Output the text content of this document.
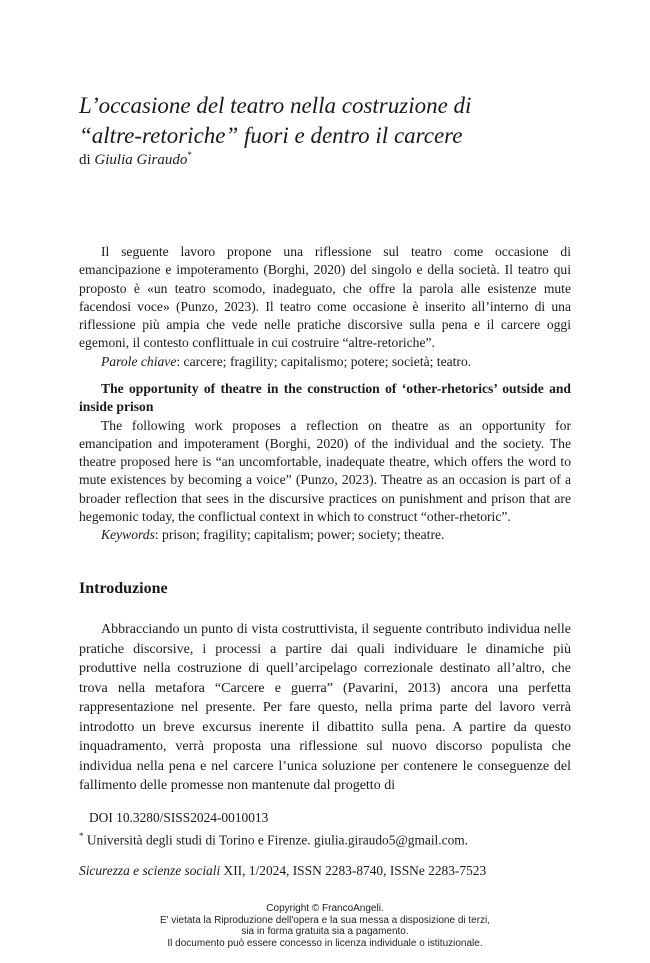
L’occasione del teatro nella costruzione di
“altre-retoriche” fuori e dentro il carcere
di Giulia Giraudo*

Il seguente lavoro propone una riflessione sul teatro come occasione di emancipazione e impoteramento (Borghi, 2020) del singolo e della società. Il teatro qui proposto è «un teatro scomodo, inadeguato, che offre la parola alle esistenze mute facendosi voce» (Punzo, 2023). Il teatro come occasione è inserito all’interno di una riflessione più ampia che vede nelle pratiche discorsive sulla pena e il carcere oggi egemoni, il contesto conflittuale in cui costruire “altre-retoriche”.

Parole chiave: carcere; fragility; capitalismo; potere; società; teatro.

The opportunity of theatre in the construction of ‘other-rhetorics’ outside and inside prison

The following work proposes a reflection on theatre as an opportunity for emancipation and impoterament (Borghi, 2020) of the individual and the society. The theatre proposed here is “an uncomfortable, inadequate theatre, which offers the word to mute existences by becoming a voice” (Punzo, 2023). Theatre as an occasion is part of a broader reflection that sees in the discursive practices on punishment and prison that are hegemonic today, the conflictual context in which to construct “other-rhetoric”.

Keywords: prison; fragility; capitalism; power; society; theatre.

Introduzione

Abbracciando un punto di vista costruttivista, il seguente contributo individua nelle pratiche discorsive, i processi a partire dai quali individuare le dinamiche più produttive nella costruzione di quell’arcipelago correzionale destinato all’altro, che trova nella metafora “Carcere e guerra” (Pavarini, 2013) ancora una perfetta rappresentazione nel presente. Per fare questo, nella prima parte del lavoro verrà introdotto un breve excursus inerente il dibattito sulla pena. A partire da questo inquadramento, verrà proposta una riflessione sul nuovo discorso populista che individua nella pena e nel carcere l’unica soluzione per contenere le conseguenze del fallimento delle promesse non mantenute dal progetto di

DOI 10.3280/SISS2024-0010013
* Università degli studi di Torino e Firenze. giulia.giraudo5@gmail.com.
Sicurezza e scienze sociali XII, 1/2024, ISSN 2283-8740, ISSNe 2283-7523
Copyright © FrancoAngeli.
E' vietata la Riproduzione dell'opera e la sua messa a disposizione di terzi,
sia in forma gratuita sia a pagamento.
Il documento può essere concesso in licenza individuale o istituzionale.
